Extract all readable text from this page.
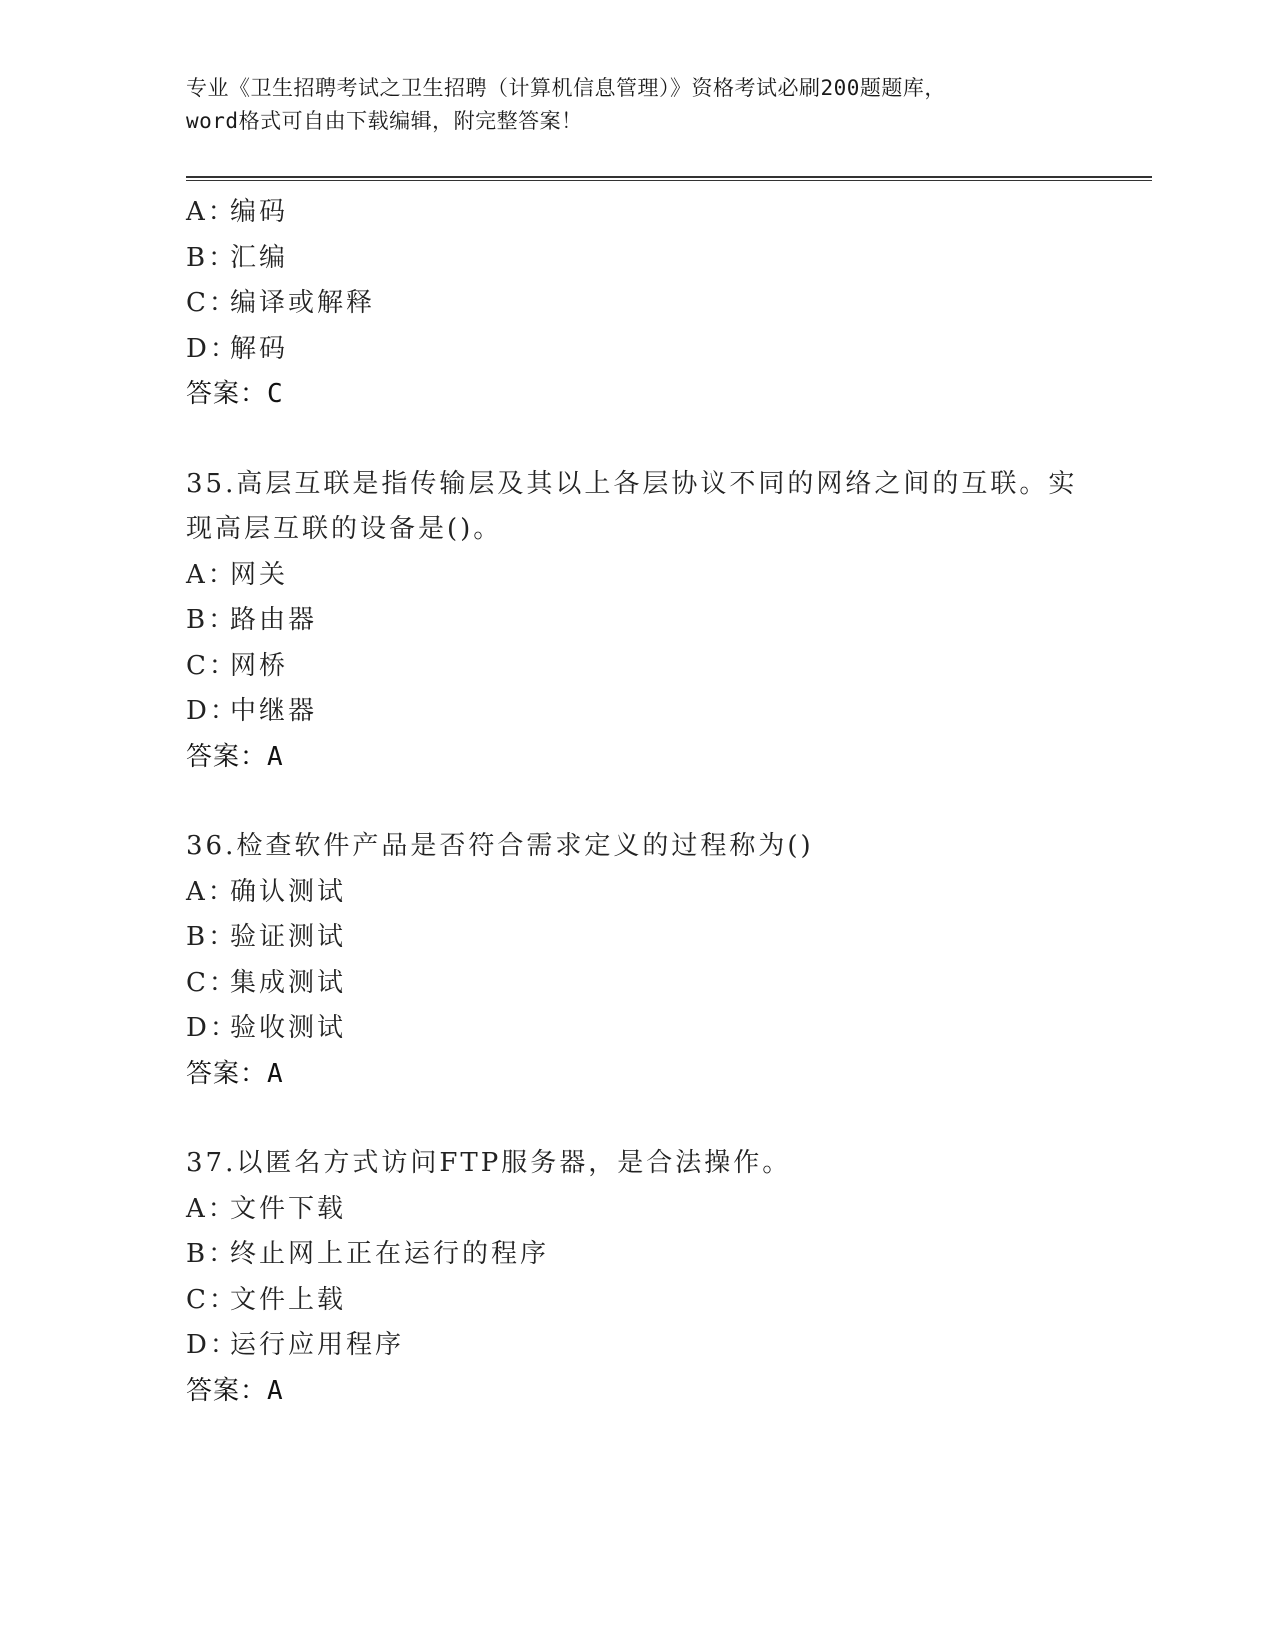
专业《卫生招聘考试之卫生招聘（计算机信息管理）》资格考试必刷200题题库，
word格式可自由下载编辑，附完整答案！
A：编码
B：汇编
C：编译或解释
D：解码
答案：C
35.高层互联是指传输层及其以上各层协议不同的网络之间的互联。实
现高层互联的设备是()。
A：网关
B：路由器
C：网桥
D：中继器
答案：A
36.检查软件产品是否符合需求定义的过程称为()
A：确认测试
B：验证测试
C：集成测试
D：验收测试
答案：A
37.以匿名方式访问FTP服务器，是合法操作。
A：文件下载
B：终止网上正在运行的程序
C：文件上载
D：运行应用程序
答案：A
